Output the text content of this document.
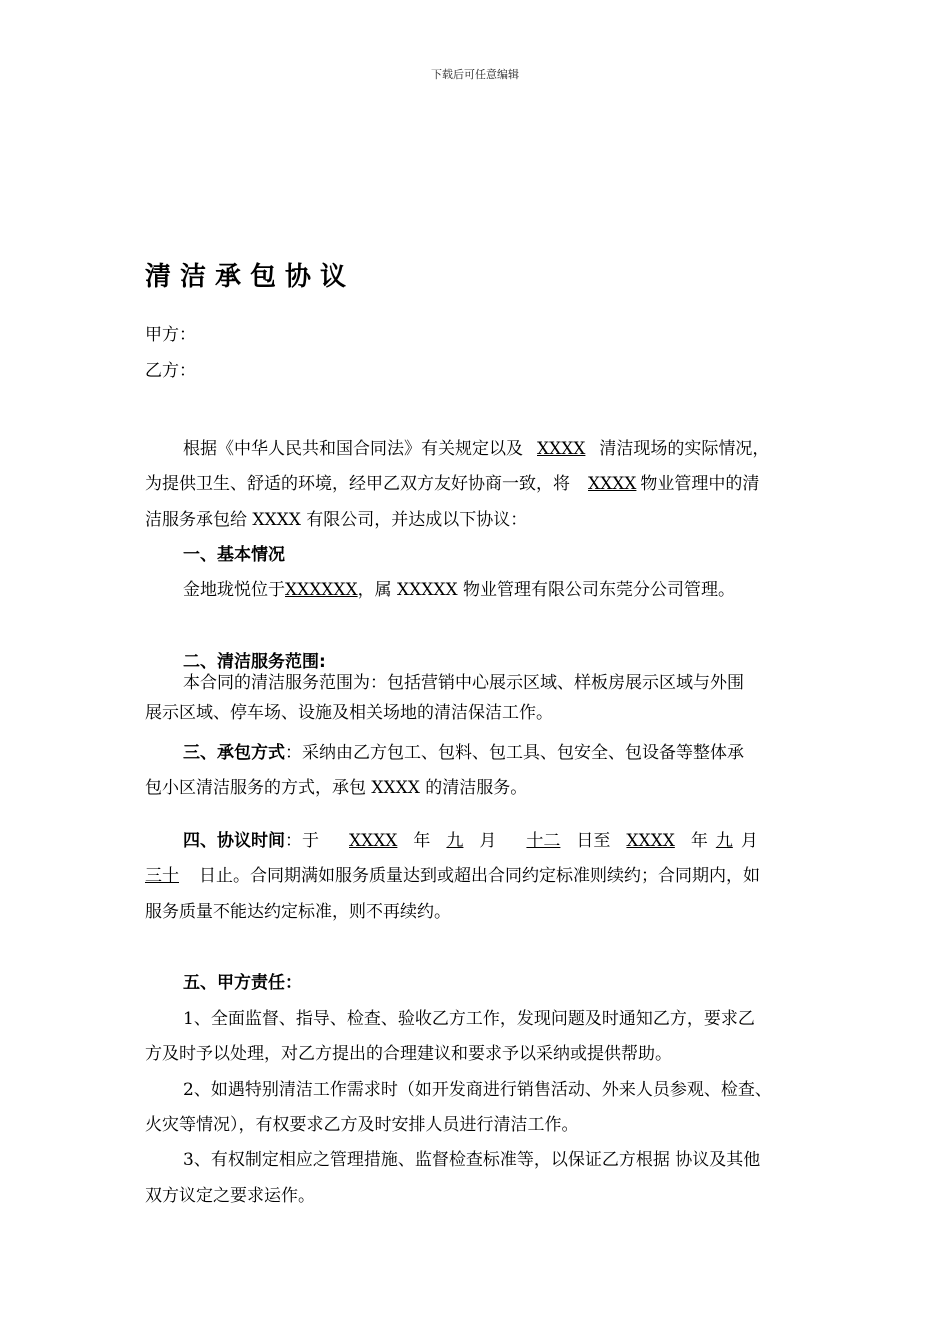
下载后可任意编辑
清洁承包协议
甲方：
乙方：
根据《中华人民共和国合同法》有关规定以及 XXXX 清洁现场的实际情况，
为提供卫生、舒适的环境，经甲乙双方友好协商一致，将 XXXX 物业管理中的清
洁服务承包给 XXXX 有限公司，并达成以下协议：
一、基本情况
金地珑悦位于XXXXXX，属 XXXXX 物业管理有限公司东莞分公司管理。
二、清洁服务范围:
本合同的清洁服务范围为：包括营销中心展示区域、样板房展示区域与外围
展示区域、停车场、设施及相关场地的清洁保洁工作。
三、承包方式：采纳由乙方包工、包料、包工具、包安全、包设备等整体承
包小区清洁服务的方式，承包 XXXX 的清洁服务。
四、协议时间：于 XXXX 年 九 月 十二 日至 XXXX 年 九 月
三十 日止。合同期满如服务质量达到或超出合同约定标准则续约；合同期内，如
服务质量不能达约定标准，则不再续约。
五、甲方责任：
1、全面监督、指导、检查、验收乙方工作，发现问题及时通知乙方，要求乙
方及时予以处理，对乙方提出的合理建议和要求予以采纳或提供帮助。
2、如遇特别清洁工作需求时（如开发商进行销售活动、外来人员参观、检查、
火灾等情况），有权要求乙方及时安排人员进行清洁工作。
3、有权制定相应之管理措施、监督检查标准等，以保证乙方根据 协议及其他
双方议定之要求运作。
